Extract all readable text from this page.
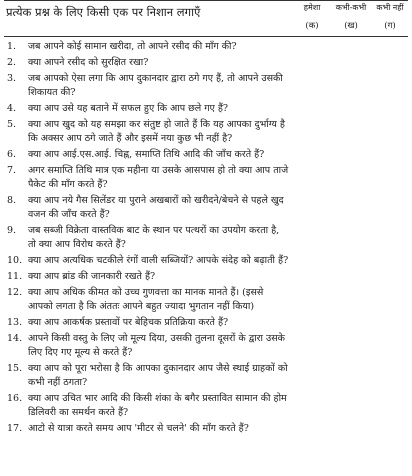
प्रत्येक प्रश्न के लिए किसी एक पर निशान लगाएँ	हमेशा
(क)
कभी-कभी
(ख)
कभी नहीं
(ग)
1. जब आपने कोई सामान खरीदा, तो आपने रसीद की माँग की?
2. क्या आपने रसीद को सुरक्षित रखा?
3. जब आपको ऐसा लगा कि आप दुकानदार द्वारा ठगे गए हैं, तो आपने उसकी शिकायत की?
4. क्या आप उसे यह बताने में सफल हुए कि आप छले गए हैं?
5. क्या आप खुद को यह समझा कर संतुष्ट हो जाते हैं कि यह आपका दुर्भाग्य है कि अक्सर आप ठगे जाते हैं और इसमें नया कुछ भी नहीं है?
6. क्या आप आई.एस.आई. चिह्न, समाप्ति तिथि आदि की जाँच करते हैं?
7. अगर समाप्ति तिथि मात्र एक महीना या उसके आसपास हो तो क्या आप ताजे पैकेट की माँग करते हैं?
8. क्या आप नये गैस सिलेंडर या पुराने अखबारों को खरीदने/बेचने से पहले खुद वजन की जाँच करते हैं?
9. जब सब्जी विक्रेता वास्तविक बाट के स्थान पर पत्थरों का उपयोग करता है, तो क्या आप विरोध करते हैं?
10. क्या आप अत्यधिक चटकीले रंगों वाली सब्जियों? आपके संदेह को बढ़ाती हैं?
11. क्या आप ब्रांड की जानकारी रखते हैं?
12. क्या आप अधिक कीमत को उच्च गुणवत्ता का मानक मानते हैं। (इससे आपको लगता है कि अंततः आपने बहुत ज्यादा भुगतान नहीं किया)
13. क्या आप आकर्षक प्रस्तावों पर बेहिचक प्रतिक्रिया करते हैं?
14. आपने किसी वस्तु के लिए जो मूल्य दिया, उसकी तुलना दूसरों के द्वारा उसके लिए दिए गए मूल्य से करते हैं?
15. क्या आप को पूरा भरोसा है कि आपका दुकानदार आप जैसे स्थाई ग्राहकों को कभी नहीं ठगता?
16. क्या आप उचित भार आदि की किसी शंका के बगैर प्रस्तावित सामान की होम डिलिवरी का समर्थन करते हैं?
17. आटो से यात्रा करते समय आप 'मीटर से चलने' की माँग करते हैं?
